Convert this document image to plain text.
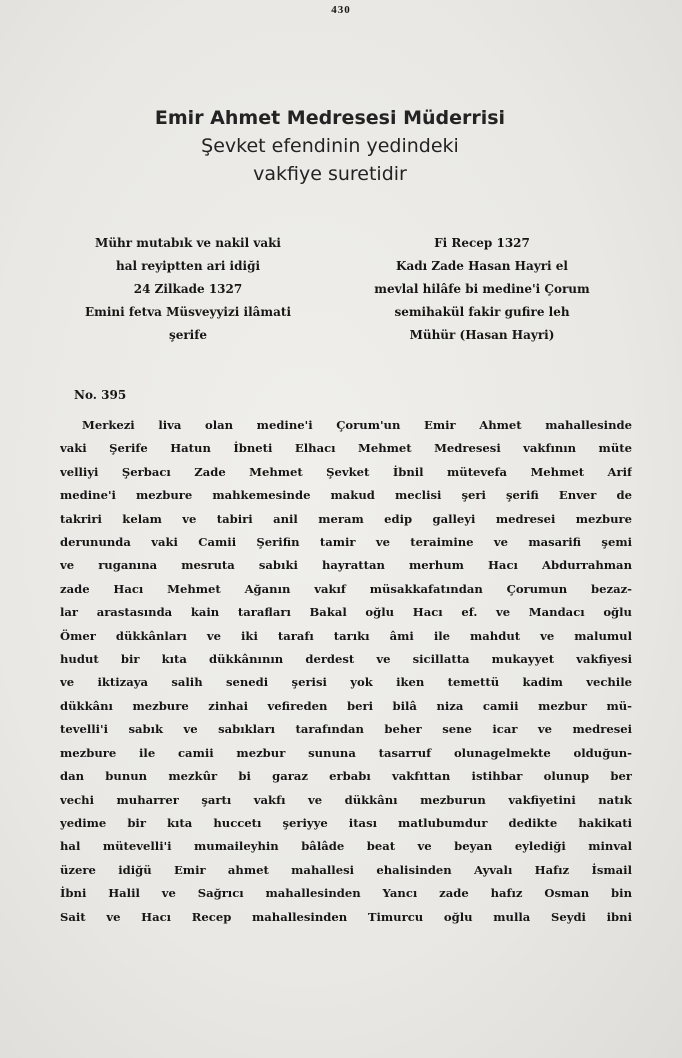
430
Emir Ahmet Medresesi Müderrisi
Şevket efendinin yedindeki
vakfiye suretidir
Mühr mutabık ve nakil vaki
hal reyiptten ari idiği
24 Zilkade 1327
Emini fetva Müsveyyizi ilâmati
şerife
Fi Recep 1327
Kadı Zade Hasan Hayri el
mevlal hilâfe bi medine'i Çorum
semihakül fakir gufire leh
Mühür (Hasan Hayri)
No. 395
Merkezi liva olan medine'i Çorum'un Emir Ahmet mahallesinde
vaki Şerife Hatun İbneti Elhacı Mehmet Medresesi vakfının müte
velliyi Şerbacı Zade Mehmet Şevket İbnil mütevefa Mehmet Arif
medine'i mezbure mahkemesinde makud meclisi şeri şerifi Enver de
takriri kelam ve tabiri anil meram edip galleyi medresei mezbure
derununda vaki Camii Şerifin tamir ve teraimine ve masarifi şemi
ve ruganına mesruta sabıki hayrattan merhum Hacı Abdurrahman
zade Hacı Mehmet Ağanın vakıf müsakkafatından Çorumun bezaz-
lar arastasında kain tarafları Bakal oğlu Hacı ef. ve Mandacı oğlu
Ömer dükkânları ve iki tarafı tarıkı âmi ile mahdut ve malumul
hudut bir kıta dükkânının derdest ve sicillatta mukayyet vakfiyesi
ve iktizaya salih senedi şerisi yok iken temettü kadim vechile
dükkânı mezbure zinhai vefireden beri bilâ niza camii mezbur mü-
tevelli'i sabık ve sabıkları tarafından beher sene icar ve medresei
mezbure ile camii mezbur sununa tasarruf olunagelmekte olduğun-
dan bunun mezkûr bi garaz erbabı vakfıttan istihbar olunup ber
vechi muharrer şartı vakfı ve dükkânı mezburun vakfiyetini natık
yedime bir kıta huccetı şeriyye itası matlubumdur dedikte hakikati
hal mütevelli'i mumaileyhin bâlâde beat ve beyan eylediği minval
üzere idiğü Emir ahmet mahallesi ehalisinden Ayvalı Hafız İsmail
İbni Halil ve Sağrıcı mahallesinden Yancı zade hafız Osman bin
Sait ve Hacı Recep mahallesinden Timurcu oğlu mulla Seydi ibni
